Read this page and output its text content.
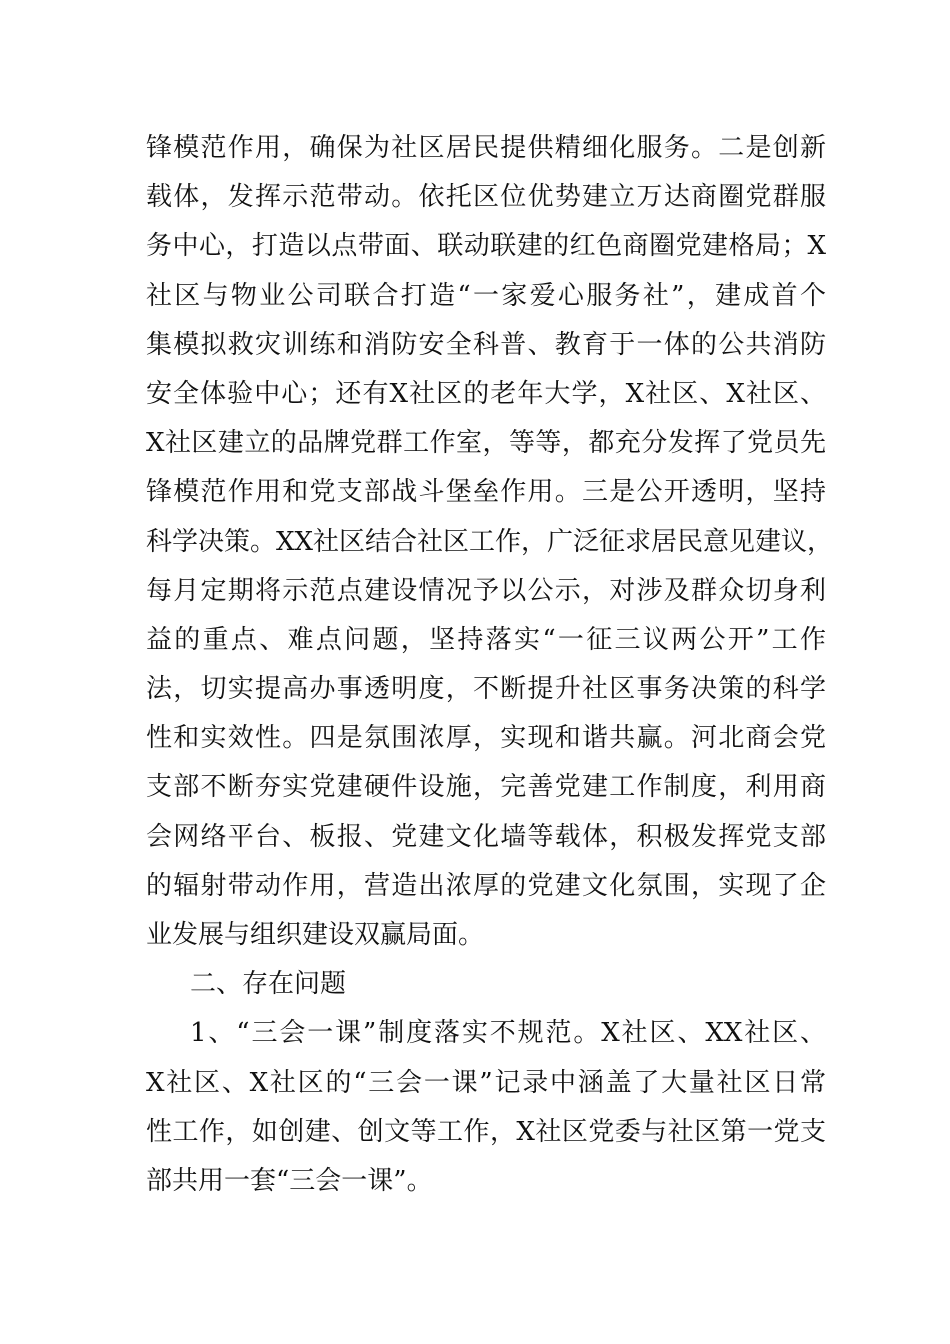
锋模范作用，确保为社区居民提供精细化服务。二是创新
载体，发挥示范带动。依托区位优势建立万达商圈党群服
务中心，打造以点带面、联动联建的红色商圈党建格局；X
社区与物业公司联合打造“一家爱心服务社”，建成首个
集模拟救灾训练和消防安全科普、教育于一体的公共消防
安全体验中心；还有X社区的老年大学，X社区、X社区、
X社区建立的品牌党群工作室，等等，都充分发挥了党员先
锋模范作用和党支部战斗堡垒作用。三是公开透明，坚持
科学决策。XX社区结合社区工作，广泛征求居民意见建议，
每月定期将示范点建设情况予以公示，对涉及群众切身利
益的重点、难点问题，坚持落实“一征三议两公开”工作
法，切实提高办事透明度，不断提升社区事务决策的科学
性和实效性。四是氛围浓厚，实现和谐共赢。河北商会党
支部不断夯实党建硬件设施，完善党建工作制度，利用商
会网络平台、板报、党建文化墙等载体，积极发挥党支部
的辐射带动作用，营造出浓厚的党建文化氛围，实现了企
业发展与组织建设双赢局面。
二、存在问题
1、“三会一课”制度落实不规范。X社区、XX社区、
X社区、X社区的“三会一课”记录中涵盖了大量社区日常
性工作，如创建、创文等工作，X社区党委与社区第一党支
部共用一套“三会一课”。
